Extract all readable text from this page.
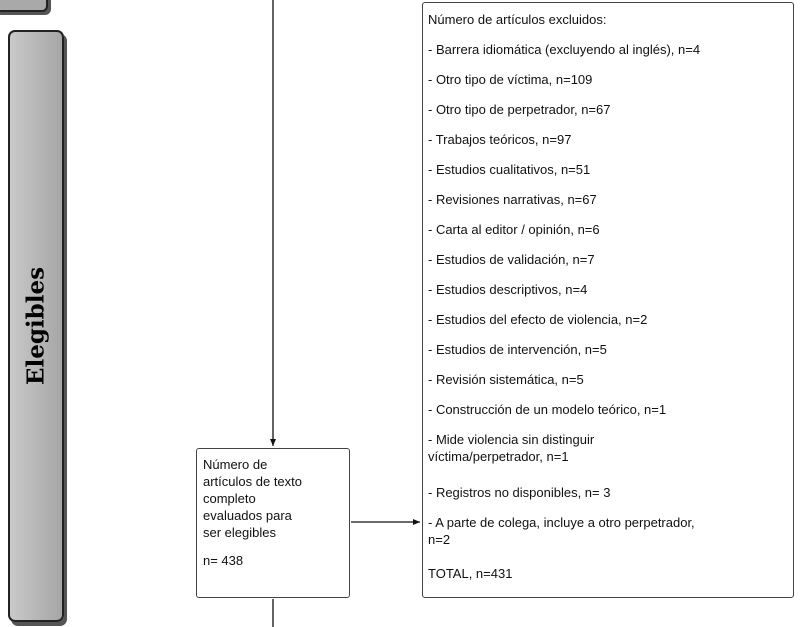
Elegibles
Número de
artículos de texto
completo
evaluados para
ser elegibles
n= 438
Número de artículos excluidos:
- Barrera idiomática (excluyendo al inglés), n=4
- Otro tipo de víctima, n=109
- Otro tipo de perpetrador, n=67
- Trabajos teóricos, n=97
- Estudios cualitativos, n=51
- Revisiones narrativas, n=67
- Carta al editor / opinión, n=6
- Estudios de validación, n=7
- Estudios descriptivos, n=4
- Estudios del efecto de violencia, n=2
- Estudios de intervención, n=5
- Revisión sistemática, n=5
- Construcción de un modelo teórico, n=1
- Mide violencia sin distinguir
víctima/perpetrador, n=1
- Registros no disponibles, n= 3
- A parte de colega, incluye a otro perpetrador,
n=2
TOTAL, n=431
